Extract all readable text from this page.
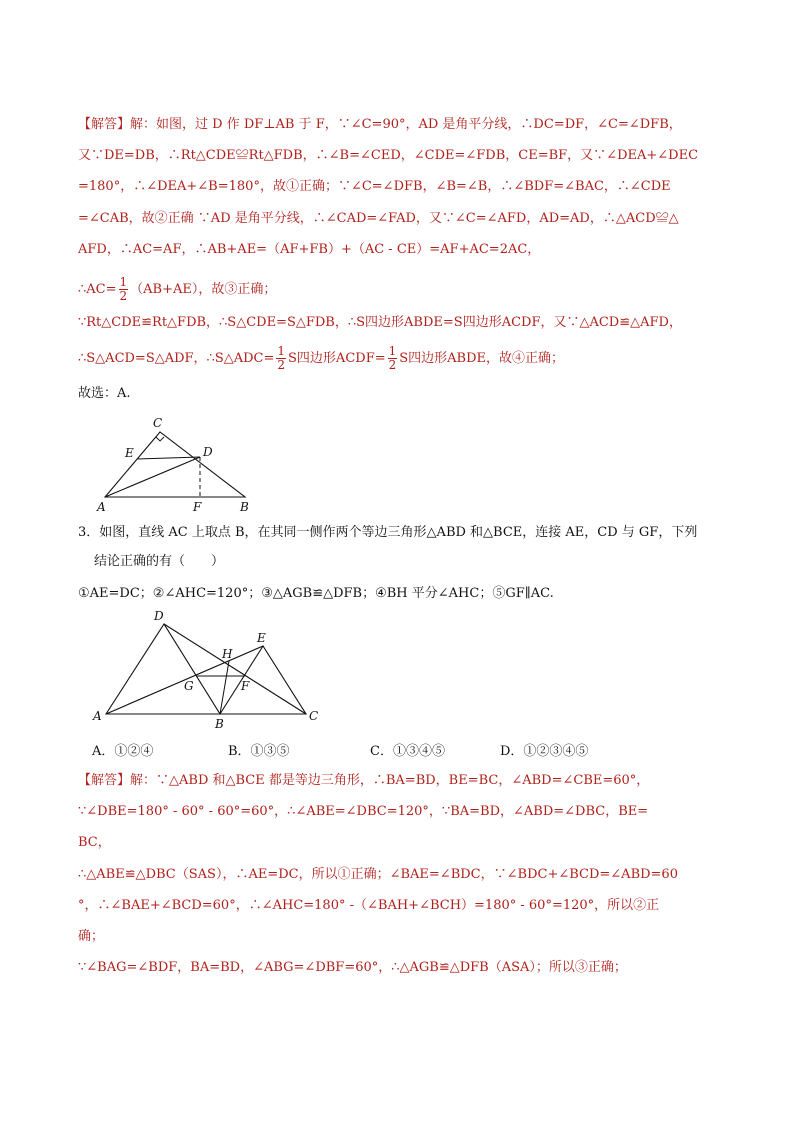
【解答】解：如图，过 D 作 DF⊥AB 于 F，∵∠C=90°，AD 是角平分线，∴DC=DF，∠C=∠DFB，
又∵DE=DB，∴Rt△CDE≌Rt△FDB，∴∠B=∠CED，∠CDE=∠FDB，CE=BF，又∵∠DEA+∠DEC
=180°，∴∠DEA+∠B=180°，故①正确；∵∠C=∠DFB，∠B=∠B，∴∠BDF=∠BAC，∴∠CDE
=∠CAB，故②正确 ∵AD 是角平分线，∴∠CAD=∠FAD，又∵∠C=∠AFD，AD=AD，∴△ACD≌△
AFD，∴AC=AF，∴AB+AE=（AF+FB）+（AC - CE）=AF+AC=2AC，
∴AC= $\frac{1}{2} (AB+AE)$，故③正确；
∵Rt△CDE≌Rt△FDB，∴S△CDE=S△FDB，∴S四边形ABDE=S四边形ACDF，又∵△ACD≌△AFD，
∴S△ACD=S△ADF，∴S△ADC= $\frac{1}{2}$ S四边形ACDF= $\frac{1}{2}$ S四边形ABDE，故④正确；
故选：A.
C
E	D
A	F	B
3．如图，直线 AC 上取点 B，在其同一侧作两个等边三角形△ABD 和△BCE，连接 AE，CD 与 GF，下列
结论正确的有（　　）
①AE=DC；②∠AHC=120°；③△AGB≌△DFB；④BH 平分∠AHC；⑤GF∥AC.
D
E
H
G	F
A
B
C
A．①②④	B．①③⑤	C．①③④⑤	D．①②③④⑤
【解答】解：∵△ABD 和△BCE 都是等边三角形，∴BA=BD，BE=BC，∠ABD=∠CBE=60°，
∵∠DBE=180° - 60° - 60°=60°，∴∠ABE=∠DBC=120°，∵BA=BD，∠ABD=∠DBC，BE=
BC，
∴△ABE≌△DBC（SAS），∴AE=DC，所以①正确；∠BAE=∠BDC，∵∠BDC+∠BCD=∠ABD=60
°，∴∠BAE+∠BCD=60°，∴∠AHC=180° -（∠BAH+∠BCH）=180° - 60°=120°，所以②正
确；
∵∠BAG=∠BDF，BA=BD，∠ABG=∠DBF=60°，∴△AGB≌△DFB（ASA）；所以③正确；
